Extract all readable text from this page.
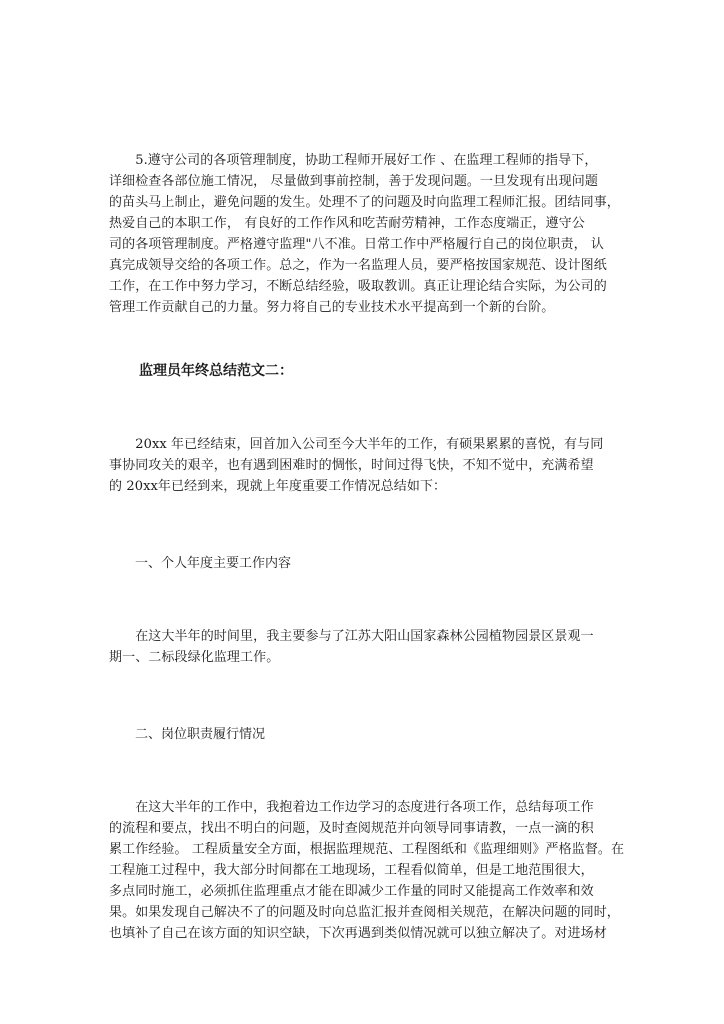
　　5.遵守公司的各项管理制度，协助工程师开展好工作 、在监理工程师的指导下，
详细检查各部位施工情况， 尽量做到事前控制，善于发现问题。一旦发现有出现问题
的苗头马上制止，避免问题的发生。处理不了的问题及时向监理工程师汇报。团结同事，
热爱自己的本职工作， 有良好的工作作风和吃苦耐劳精神，工作态度端正，遵守公
司的各项管理制度。严格遵守监理"八不准。日常工作中严格履行自己的岗位职责， 认
真完成领导交给的各项工作。总之，作为一名监理人员，要严格按国家规范、设计图纸
工作，在工作中努力学习，不断总结经验，吸取教训。真正让理论结合实际，为公司的
管理工作贡献自己的力量。努力将自己的专业技术水平提高到一个新的台阶。
监理员年终总结范文二：
　　20xx 年已经结束，回首加入公司至今大半年的工作，有硕果累累的喜悦，有与同
事协同攻关的艰辛，也有遇到困难时的惆怅，时间过得飞快，不知不觉中，充满希望
的 20xx年已经到来，现就上年度重要工作情况总结如下：
一、个人年度主要工作内容
　　在这大半年的时间里，我主要参与了江苏大阳山国家森林公园植物园景区景观一
期一、二标段绿化监理工作。
二、岗位职责履行情况
　　在这大半年的工作中，我抱着边工作边学习的态度进行各项工作，总结每项工作
的流程和要点，找出不明白的问题，及时查阅规范并向领导同事请教，一点一滴的积
累工作经验。 工程质量安全方面，根据监理规范、工程图纸和《监理细则》严格监督。在
工程施工过程中，我大部分时间都在工地现场，工程看似简单，但是工地范围很大，
多点同时施工，必须抓住监理重点才能在即减少工作量的同时又能提高工作效率和效
果。如果发现自己解决不了的问题及时向总监汇报并查阅相关规范，在解决问题的同时，
也填补了自己在该方面的知识空缺，下次再遇到类似情况就可以独立解决了。对进场材
